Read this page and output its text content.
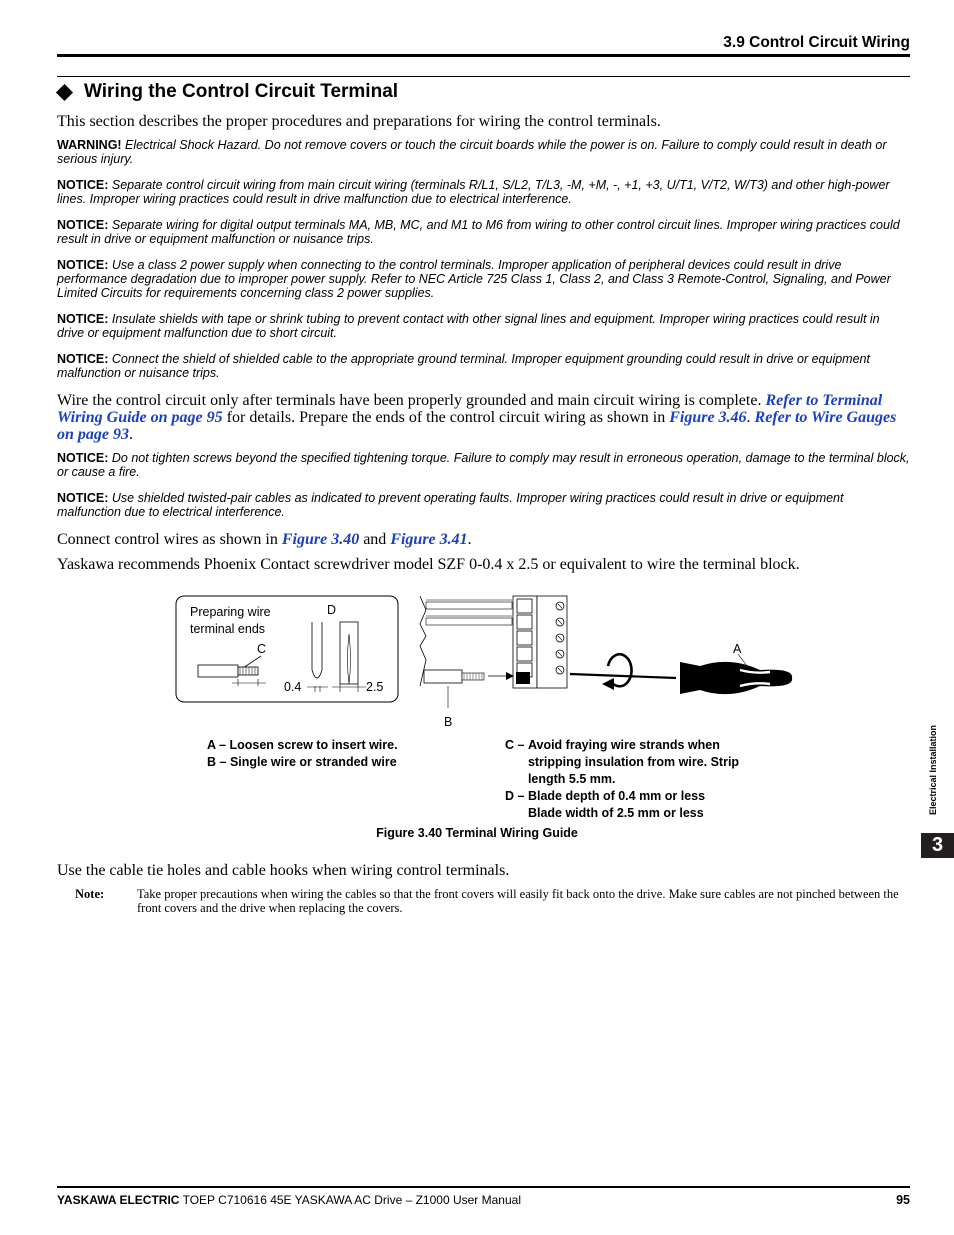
3.9 Control Circuit Wiring
Wiring the Control Circuit Terminal

This section describes the proper procedures and preparations for wiring the control terminals.

WARNING! Electrical Shock Hazard. Do not remove covers or touch the circuit boards while the power is on. Failure to comply could result in death or serious injury.

NOTICE: Separate control circuit wiring from main circuit wiring (terminals R/L1, S/L2, T/L3, -M, +M, -, +1, +3, U/T1, V/T2, W/T3) and other high-power lines. Improper wiring practices could result in drive malfunction due to electrical interference.

NOTICE: Separate wiring for digital output terminals MA, MB, MC, and M1 to M6 from wiring to other control circuit lines. Improper wiring practices could result in drive or equipment malfunction or nuisance trips.

NOTICE: Use a class 2 power supply when connecting to the control terminals. Improper application of peripheral devices could result in drive performance degradation due to improper power supply. Refer to NEC Article 725 Class 1, Class 2, and Class 3 Remote-Control, Signaling, and Power Limited Circuits for requirements concerning class 2 power supplies.

NOTICE: Insulate shields with tape or shrink tubing to prevent contact with other signal lines and equipment. Improper wiring practices could result in drive or equipment malfunction due to short circuit.

NOTICE: Connect the shield of shielded cable to the appropriate ground terminal. Improper equipment grounding could result in drive or equipment malfunction or nuisance trips.

Wire the control circuit only after terminals have been properly grounded and main circuit wiring is complete. Refer to Terminal Wiring Guide on page 95 for details. Prepare the ends of the control circuit wiring as shown in Figure 3.46. Refer to Wire Gauges on page 93.

NOTICE: Do not tighten screws beyond the specified tightening torque. Failure to comply may result in erroneous operation, damage to the terminal block, or cause a fire.

NOTICE: Use shielded twisted-pair cables as indicated to prevent operating faults. Improper wiring practices could result in drive or equipment malfunction due to electrical interference.

Connect control wires as shown in Figure 3.40 and Figure 3.41.

Yaskawa recommends Phoenix Contact screwdriver model SZF 0-0.4 x 2.5 or equivalent to wire the terminal block.

Preparing wire
terminal ends
C
D
0.4	2.5
B
A
A – Loosen screw to insert wire.
B – Single wire or stranded wire
C – Avoid fraying wire strands when stripping insulation from wire. Strip length 5.5 mm.
D – Blade depth of 0.4 mm or less Blade width of 2.5 mm or less
Figure 3.40 Terminal Wiring Guide
Use the cable tie holes and cable hooks when wiring control terminals.
Note:	Take proper precautions when wiring the cables so that the front covers will easily fit back onto the drive. Make sure cables are not pinched between the front covers and the drive when replacing the covers.
Electrical Installation
3
YASKAWA ELECTRIC TOEP C710616 45E YASKAWA AC Drive – Z1000 User Manual	95
